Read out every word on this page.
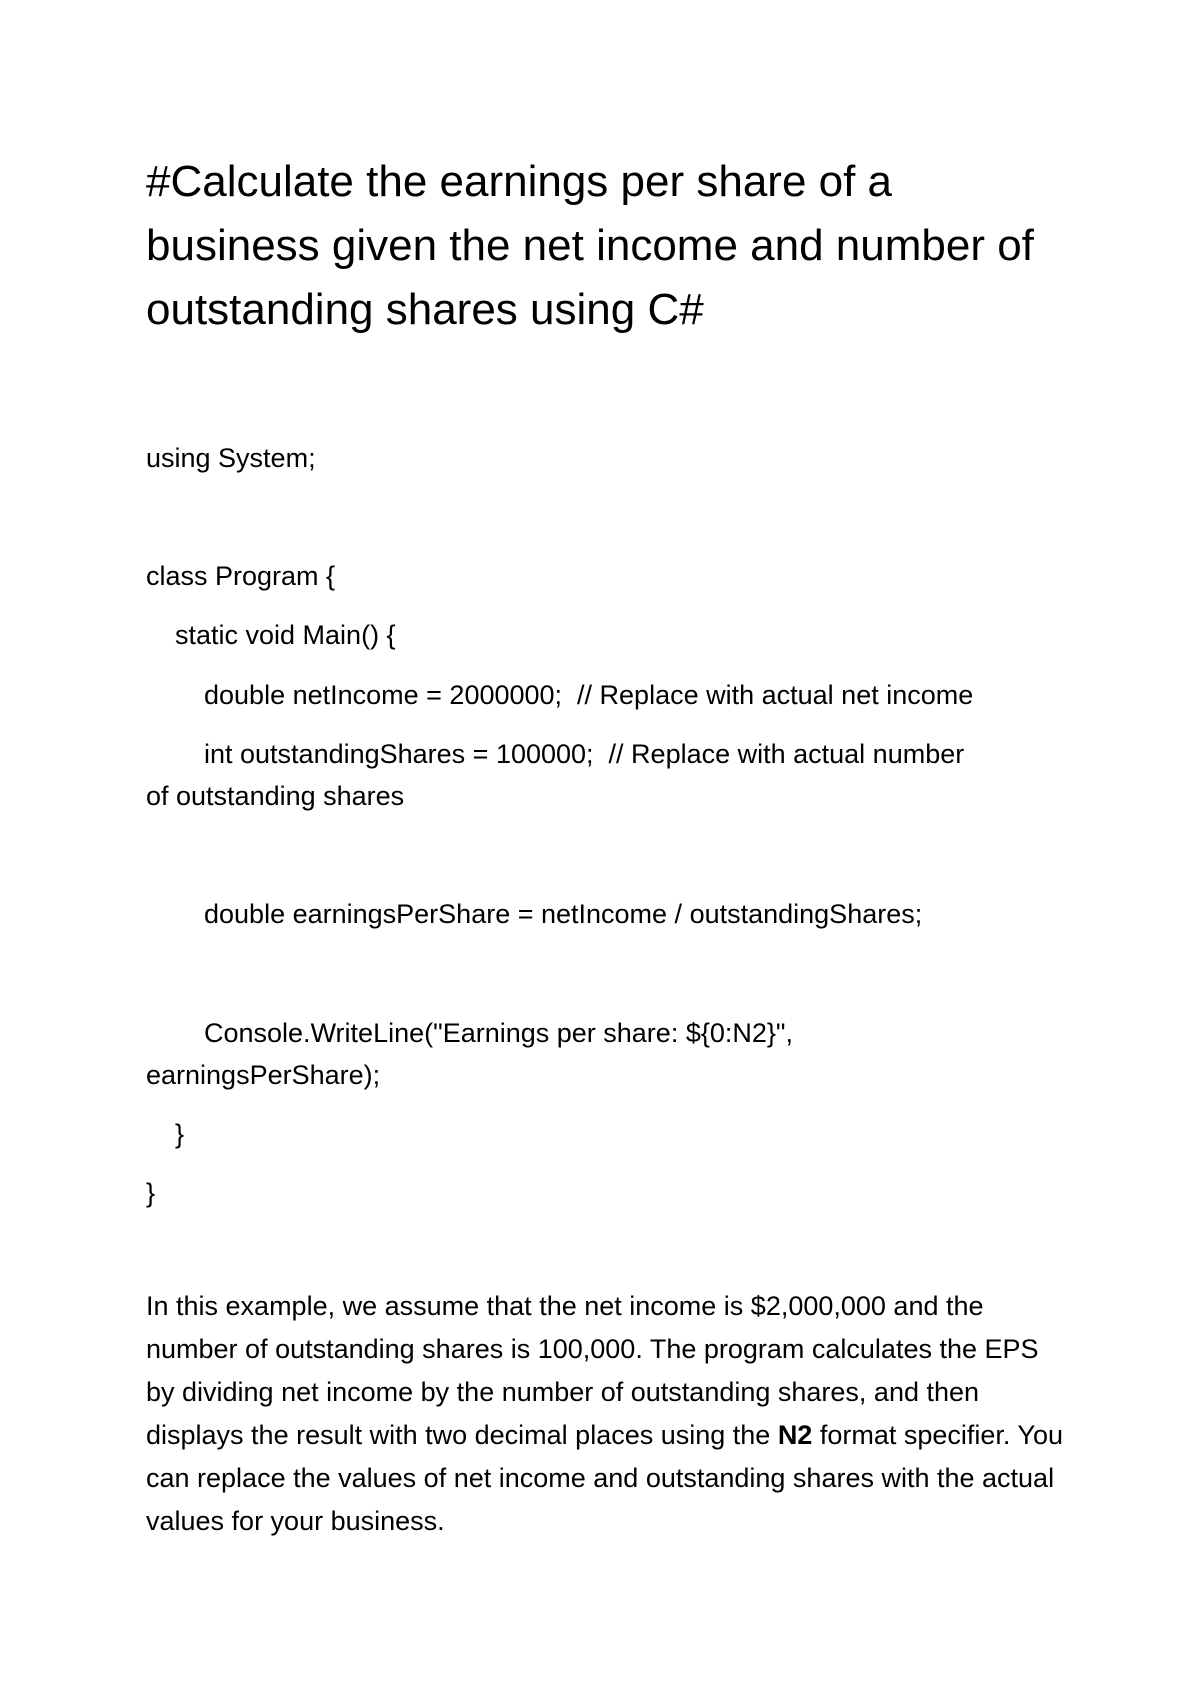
#Calculate the earnings per share of a
business given the net income and number of
outstanding shares using C#

using System;

class Program {

static void Main() {

double netIncome = 2000000;  // Replace with actual net income

int outstandingShares = 100000;  // Replace with actual number

of outstanding shares

double earningsPerShare = netIncome / outstandingShares;

Console.WriteLine("Earnings per share: ${0:N2}",

earningsPerShare);

}

}

In this example, we assume that the net income is $2,000,000 and the number of outstanding shares is 100,000. The program calculates the EPS by dividing net income by the number of outstanding shares, and then displays the result with two decimal places using the N2 format specifier. You can replace the values of net income and outstanding shares with the actual values for your business.
